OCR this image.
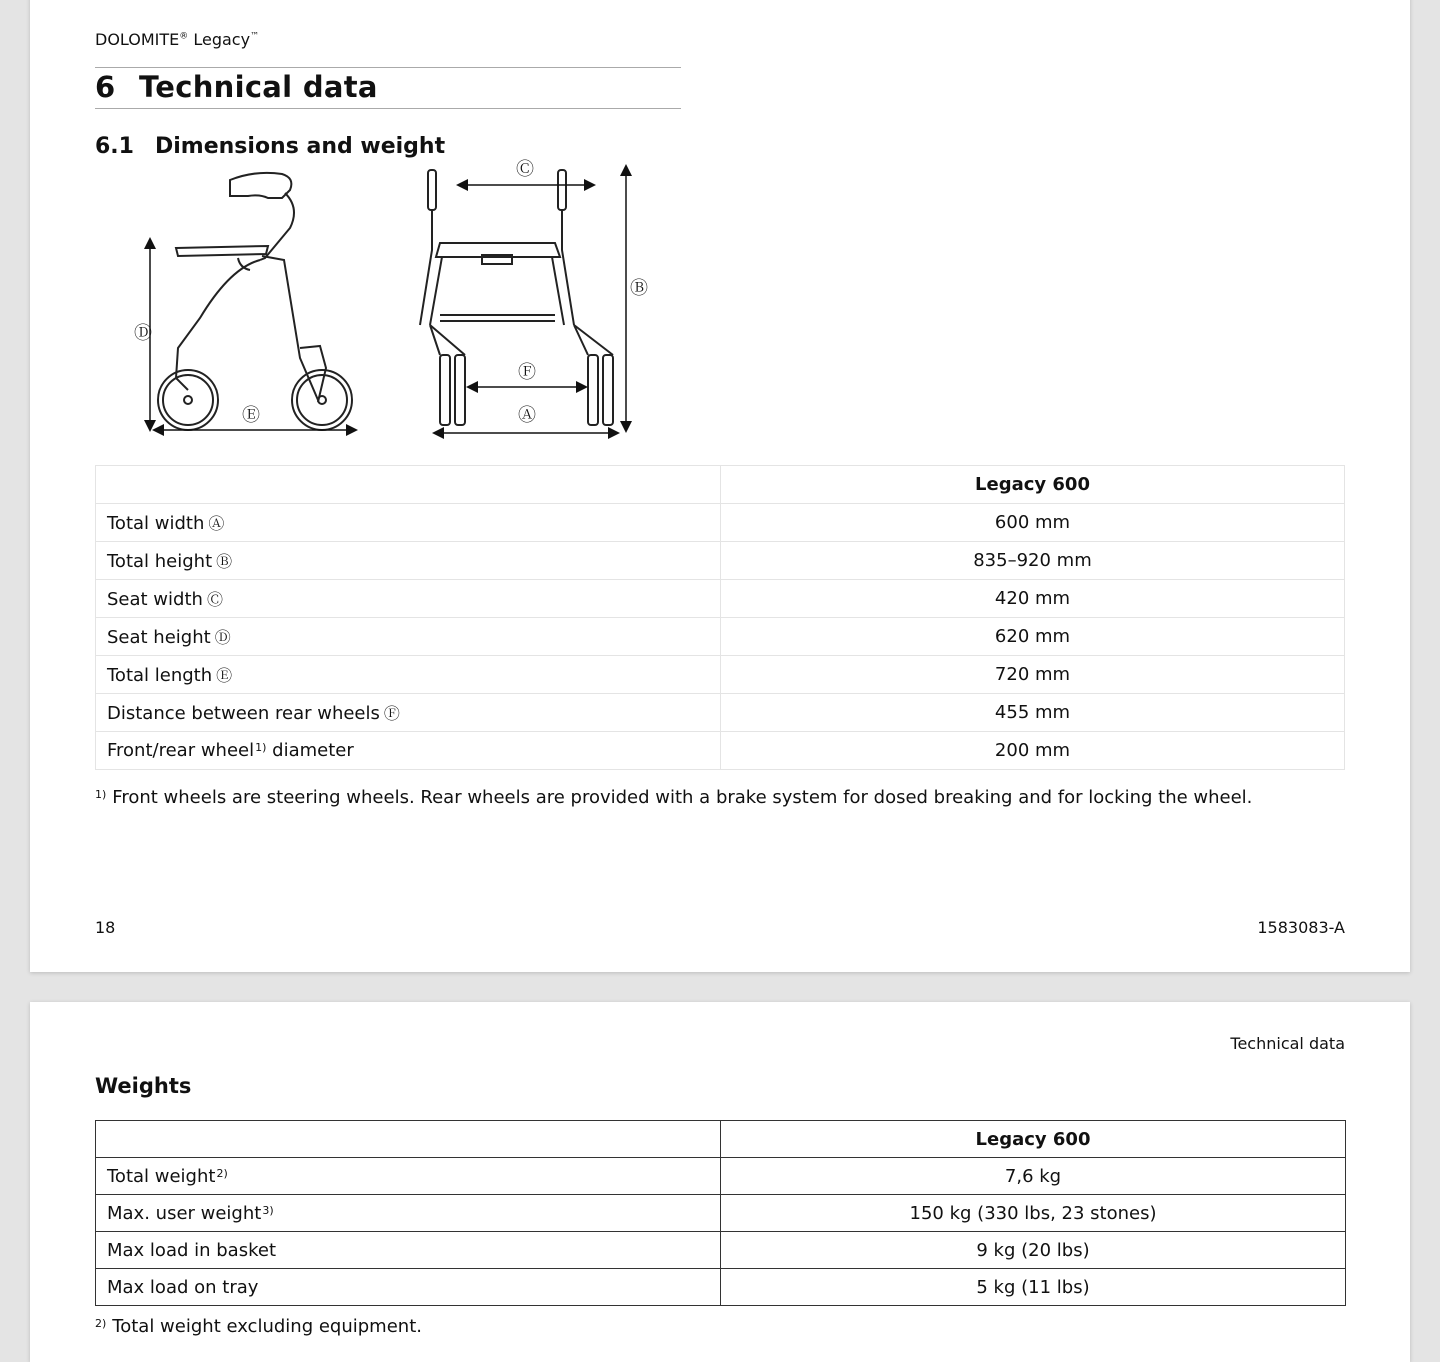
DOLOMITE® Legacy™
6 Technical data
6.1 Dimensions and weight
Ⓓ
Ⓔ
Ⓒ
Ⓑ
Ⓕ
Ⓐ
	Legacy 600
Total width Ⓐ	600 mm
Total height Ⓑ	835–920 mm
Seat width Ⓒ	420 mm
Seat height Ⓓ	620 mm
Total length Ⓔ	720 mm
Distance between rear wheels Ⓕ	455 mm
Front/rear wheel$^{1)}$ diameter	200 mm
$^{1)}$ Front wheels are steering wheels. Rear wheels are provided with a brake system for dosed breaking and for locking the wheel.
18	1583083-A
Technical data
Weights
	Legacy 600
Total weight$^{2)}$	7,6 kg
Max. user weight$^{3)}$	150 kg (330 lbs, 23 stones)
Max load in basket	9 kg (20 lbs)
Max load on tray	5 kg (11 lbs)
$^{2)}$ Total weight excluding equipment.
